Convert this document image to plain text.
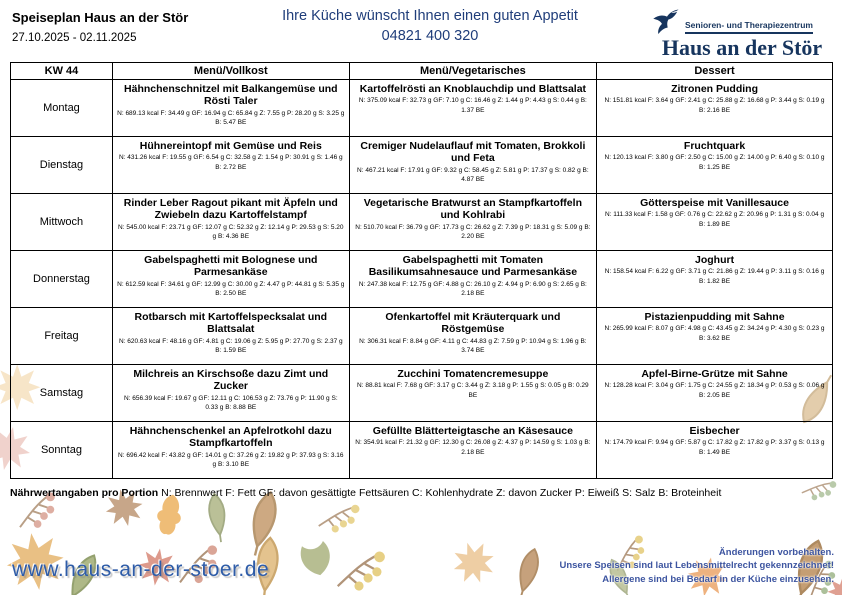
Speiseplan Haus an der Stör
27.10.2025 - 02.11.2025
Ihre Küche wünscht Ihnen einen guten Appetit
04821 400 320
Senioren- und Therapiezentrum
Haus an der Stör
KW 44	Menü/Vollkost	Menü/Vegetarisches	Dessert
Montag	
Hähnchenschnitzel mit Balkangemüse und Rösti Taler
N: 689.13 kcal F: 34.49 g GF: 16.94 g C: 65.84 g Z: 7.55 g P: 28.20 g S: 3.25 g B: 5.47 BE

Kartoffelrösti an Knoblauchdip und Blattsalat
N: 375.09 kcal F: 32.73 g GF: 7.10 g C: 16.46 g Z: 1.44 g P: 4.43 g S: 0.44 g B: 1.37 BE

Zitronen Pudding
N: 151.81 kcal F: 3.64 g GF: 2.41 g C: 25.88 g Z: 16.68 g P: 3.44 g S: 0.19 g B: 2.16 BE

Dienstag	
Hühnereintopf mit Gemüse und Reis
N: 431.26 kcal F: 19.55 g GF: 6.54 g C: 32.58 g Z: 1.54 g P: 30.91 g S: 1.46 g B: 2.72 BE

Cremiger Nudelauflauf mit Tomaten, Brokkoli und Feta
N: 467.21 kcal F: 17.91 g GF: 9.32 g C: 58.45 g Z: 5.81 g P: 17.37 g S: 0.82 g B: 4.87 BE

Fruchtquark
N: 120.13 kcal F: 3.80 g GF: 2.50 g C: 15.00 g Z: 14.00 g P: 6.40 g S: 0.10 g B: 1.25 BE

Mittwoch	
Rinder Leber Ragout pikant mit Äpfeln und Zwiebeln dazu Kartoffelstampf
N: 545.00 kcal F: 23.71 g GF: 12.07 g C: 52.32 g Z: 12.14 g P: 29.53 g S: 5.20 g B: 4.36 BE

Vegetarische Bratwurst an Stampfkartoffeln und Kohlrabi
N: 510.70 kcal F: 36.79 g GF: 17.73 g C: 26.62 g Z: 7.39 g P: 18.31 g S: 5.09 g B: 2.20 BE

Götterspeise mit Vanillesauce
N: 111.33 kcal F: 1.58 g GF: 0.76 g C: 22.62 g Z: 20.96 g P: 1.31 g S: 0.04 g B: 1.89 BE

Donnerstag	
Gabelspaghetti mit Bolognese und Parmesankäse
N: 612.59 kcal F: 34.61 g GF: 12.99 g C: 30.00 g Z: 4.47 g P: 44.81 g S: 5.35 g B: 2.50 BE

Gabelspaghetti mit Tomaten Basilikumsahnesauce und Parmesankäse
N: 247.38 kcal F: 12.75 g GF: 4.88 g C: 26.10 g Z: 4.94 g P: 6.90 g S: 2.65 g B: 2.18 BE

Joghurt
N: 158.54 kcal F: 6.22 g GF: 3.71 g C: 21.86 g Z: 19.44 g P: 3.11 g S: 0.16 g B: 1.82 BE

Freitag	
Rotbarsch mit Kartoffelspecksalat und Blattsalat
N: 620.63 kcal F: 48.16 g GF: 4.81 g C: 19.06 g Z: 5.95 g P: 27.70 g S: 2.37 g B: 1.59 BE

Ofenkartoffel mit Kräuterquark und Röstgemüse
N: 306.31 kcal F: 8.84 g GF: 4.11 g C: 44.83 g Z: 7.59 g P: 10.94 g S: 1.96 g B: 3.74 BE

Pistazienpudding mit Sahne
N: 265.99 kcal F: 8.07 g GF: 4.98 g C: 43.45 g Z: 34.24 g P: 4.30 g S: 0.23 g B: 3.62 BE

Samstag	
Milchreis an Kirschsoße dazu Zimt und Zucker
N: 656.39 kcal F: 19.67 g GF: 12.11 g C: 106.53 g Z: 73.76 g P: 11.90 g S: 0.33 g B: 8.88 BE

Zucchini Tomatencremesuppe
N: 88.81 kcal F: 7.68 g GF: 3.17 g C: 3.44 g Z: 3.18 g P: 1.55 g S: 0.05 g B: 0.29 BE

Apfel-Birne-Grütze mit Sahne
N: 128.28 kcal F: 3.04 g GF: 1.75 g C: 24.55 g Z: 18.34 g P: 0.53 g S: 0.06 g B: 2.05 BE

Sonntag	
Hähnchenschenkel an Apfelrotkohl dazu Stampfkartoffeln
N: 696.42 kcal F: 43.82 g GF: 14.01 g C: 37.26 g Z: 19.82 g P: 37.93 g S: 3.16 g B: 3.10 BE

Gefüllte Blätterteigtasche an Käsesauce
N: 354.91 kcal F: 21.32 g GF: 12.30 g C: 26.08 g Z: 4.37 g P: 14.59 g S: 1.03 g B: 2.18 BE

Eisbecher
N: 174.79 kcal F: 9.94 g GF: 5.87 g C: 17.82 g Z: 17.82 g P: 3.37 g S: 0.13 g B: 1.49 BE
Nährwertangaben pro Portion N: Brennwert F: Fett GF: davon gesättigte Fettsäuren C: Kohlenhydrate Z: davon Zucker P: Eiweiß S: Salz B: Broteinheit
www.haus-an-der-stoer.de
Änderungen vorbehalten.
Unsere Speisen sind laut Lebensmittelrecht gekennzeichnet!
Allergene sind bei Bedarf in der Küche einzusehen.
